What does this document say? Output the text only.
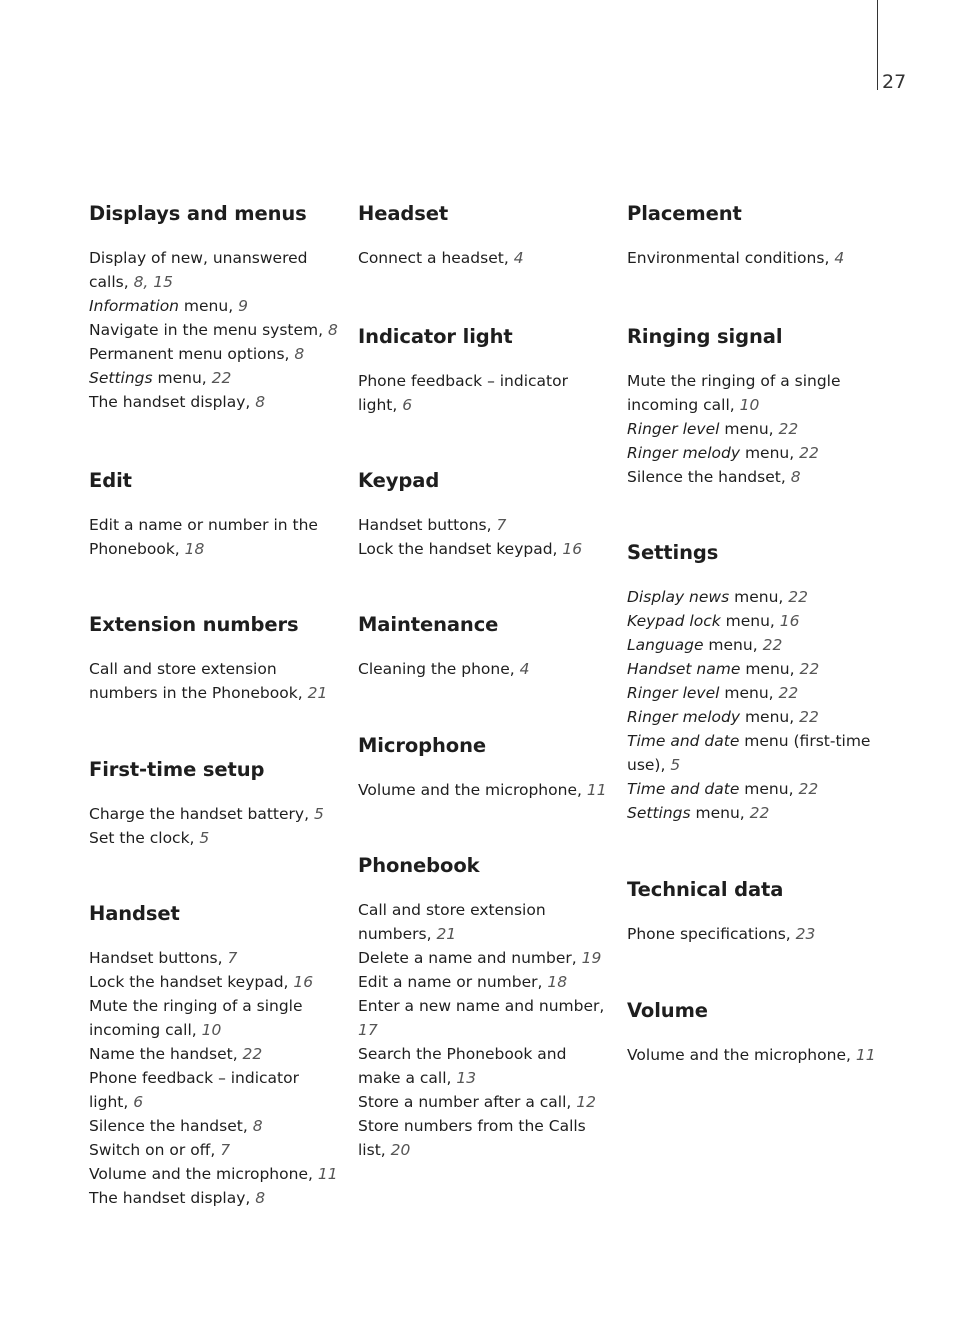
27
Displays and menus
Display of new, unanswered calls, 8, 15
Information menu, 9
Navigate in the menu system, 8
Permanent menu options, 8
Settings menu, 22
The handset display, 8
Edit
Edit a name or number in the Phonebook, 18
Extension numbers
Call and store extension numbers in the Phonebook, 21
First-time setup
Charge the handset battery, 5
Set the clock, 5
Handset
Handset buttons, 7
Lock the handset keypad, 16
Mute the ringing of a single incoming call, 10
Name the handset, 22
Phone feedback – indicator light, 6
Silence the handset, 8
Switch on or off, 7
Volume and the microphone, 11
The handset display, 8
Headset
Connect a headset, 4
Indicator light
Phone feedback – indicator light, 6
Keypad
Handset buttons, 7
Lock the handset keypad, 16
Maintenance
Cleaning the phone, 4
Microphone
Volume and the microphone, 11
Phonebook
Call and store extension numbers, 21
Delete a name and number, 19
Edit a name or number, 18
Enter a new name and number, 17
Search the Phonebook and make a call, 13
Store a number after a call, 12
Store numbers from the Calls list, 20
Placement
Environmental conditions, 4
Ringing signal
Mute the ringing of a single incoming call, 10
Ringer level menu, 22
Ringer melody menu, 22
Silence the handset, 8
Settings
Display news menu, 22
Keypad lock menu, 16
Language menu, 22
Handset name menu, 22
Ringer level menu, 22
Ringer melody menu, 22
Time and date menu (first-time use), 5
Time and date menu, 22
Settings menu, 22
Technical data
Phone specifications, 23
Volume
Volume and the microphone, 11
